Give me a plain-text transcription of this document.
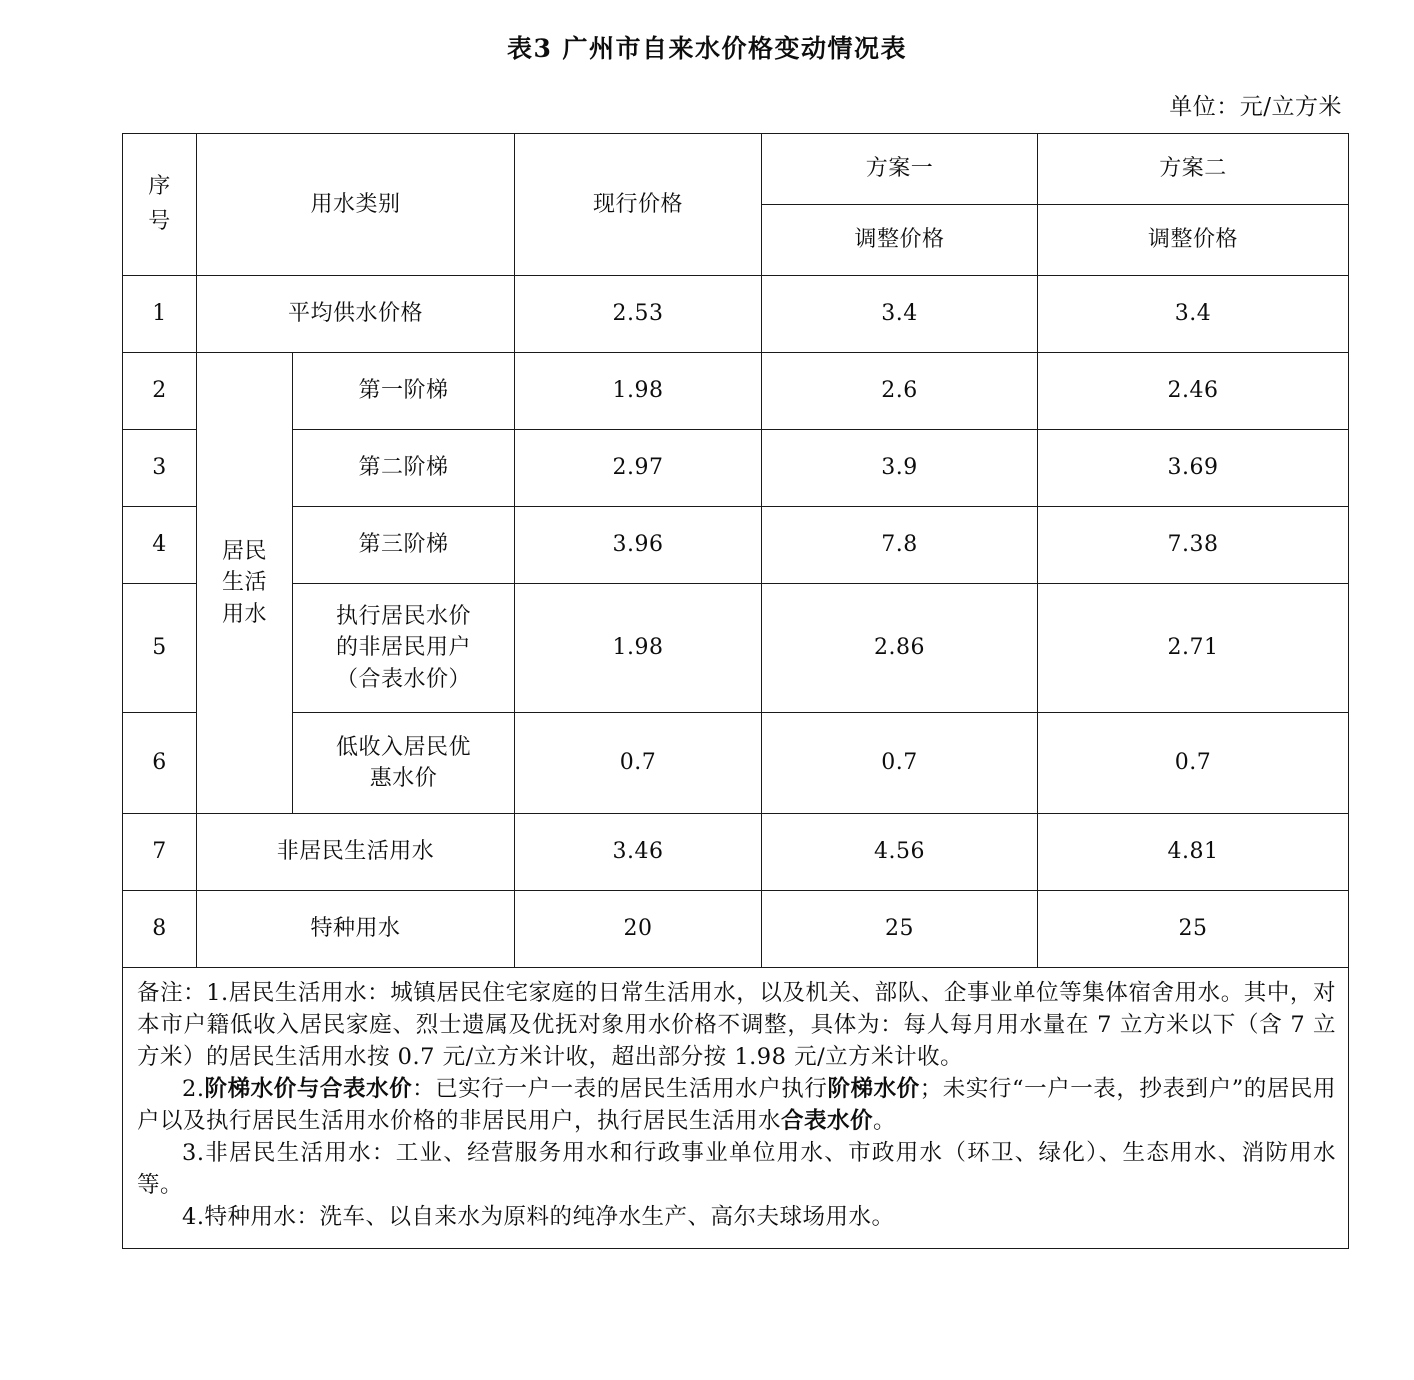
表3 广州市自来水价格变动情况表
单位：元/立方米
序
号	用水类别		现行价格	方案一	方案二
				调整价格	调整价格
1	平均供水价格		2.53	3.4	3.4
2	居民
生活
用水	第一阶梯	1.98	2.6	2.46
3		第二阶梯	2.97	3.9	3.69
4		第三阶梯	3.96	7.8	7.38
5		执行居民水价
的非居民用户
（合表水价）	1.98	2.86	2.71
6		低收入居民优
惠水价	0.7	0.7	0.7
7	非居民生活用水		3.46	4.56	4.81
8	特种用水		20	25	25

备注：1.居民生活用水：城镇居民住宅家庭的日常生活用水，以及机关、部队、企事业单位等集体宿舍用水。其中，对本市户籍低收入居民家庭、烈士遗属及优抚对象用水价格不调整，具体为：每人每月用水量在 7 立方米以下（含 7 立方米）的居民生活用水按 0.7 元/立方米计收，超出部分按 1.98 元/立方米计收。

2.阶梯水价与合表水价：已实行一户一表的居民生活用水户执行阶梯水价；未实行“一户一表，抄表到户”的居民用户以及执行居民生活用水价格的非居民用户，执行居民生活用水合表水价。

3.非居民生活用水：工业、经营服务用水和行政事业单位用水、市政用水（环卫、绿化）、生态用水、消防用水等。

4.特种用水：洗车、以自来水为原料的纯净水生产、高尔夫球场用水。					
